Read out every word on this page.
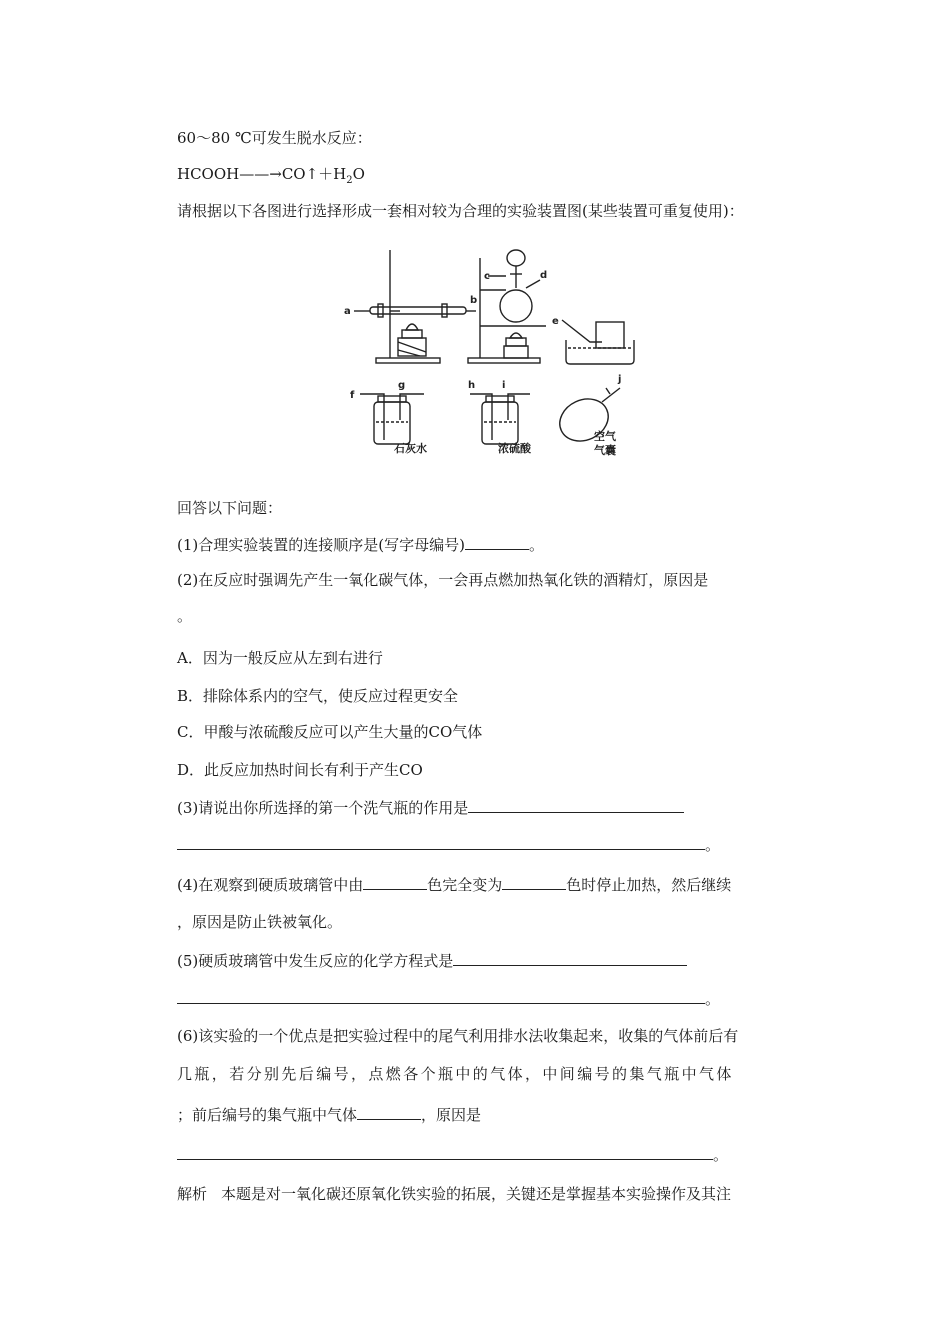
60～80 ℃可发生脱水反应：
$HCOOH——\to CO↑+H_2O$
请根据以下各图进行选择形成一套相对较为合理的实验装置图(某些装置可重复使用)：
a
b
c	d
e
f
g	h	i
j
石灰水	浓硫酸
空气
气囊
回答以下问题：
(1)合理实验装置的连接顺序是(写字母编号)	。
(2)在反应时强调先产生一氧化碳气体，一会再点燃加热氧化铁的酒精灯，原因是
。
A．因为一般反应从左到右进行
B．排除体系内的空气，使反应过程更安全
C．甲酸与浓硫酸反应可以产生大量的CO气体
D．此反应加热时间长有利于产生CO
(3)请说出你所选择的第一个洗气瓶的作用是
。
(4)在观察到硬质玻璃管中由	色完全变为	色时停止加热，然后继续
，原因是防止铁被氧化。
(5)硬质玻璃管中发生反应的化学方程式是
。
(6)该实验的一个优点是把实验过程中的尾气利用排水法收集起来，收集的气体前后有
几瓶，若分别先后编号，点燃各个瓶中的气体，中间编号的集气瓶中气体
；前后编号的集气瓶中气体	，原因是
。
解析 本题是对一氧化碳还原氧化铁实验的拓展，关键还是掌握基本实验操作及其注
